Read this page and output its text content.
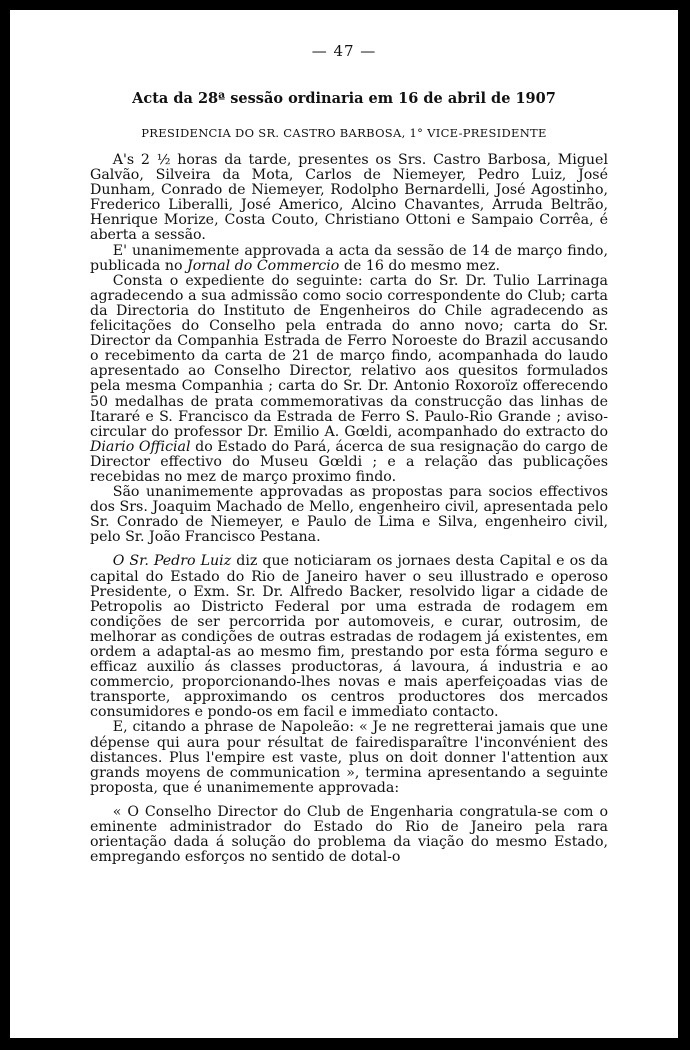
— 47 —
Acta da 28ª sessão ordinaria em 16 de abril de 1907
PRESIDENCIA DO SR. CASTRO BARBOSA, 1° VICE-PRESIDENTE

A's 2 ½ horas da tarde, presentes os Srs. Castro Barbosa, Miguel Galvão, Silveira da Mota, Carlos de Niemeyer, Pedro Luiz, José Dunham, Conrado de Niemeyer, Rodolpho Bernardelli, José Agostinho, Frederico Liberalli, José Americo, Alcino Chavantes, Arruda Beltrão, Henrique Morize, Costa Couto, Christiano Ottoni e Sampaio Corrêa, é aberta a sessão.

E' unanimemente approvada a acta da sessão de 14 de março findo, publicada no Jornal do Commercio de 16 do mesmo mez.

Consta o expediente do seguinte: carta do Sr. Dr. Tulio Larrinaga agradecendo a sua admissão como socio correspondente do Club; carta da Directoria do Instituto de Engenheiros do Chile agradecendo as felicitações do Conselho pela entrada do anno novo; carta do Sr. Director da Companhia Estrada de Ferro Noroeste do Brazil accusando o recebimento da carta de 21 de março findo, acompanhada do laudo apresentado ao Conselho Director, relativo aos quesitos formulados pela mesma Companhia ; carta do Sr. Dr. Antonio Roxoroïz offerecendo 50 medalhas de prata commemorativas da construcção das linhas de Itararé e S. Francisco da Estrada de Ferro S. Paulo-Rio Grande ; aviso-circular do professor Dr. Emilio A. Gœldi, acompanhado do extracto do Diario Official do Estado do Pará, ácerca de sua resignação do cargo de Director effectivo do Museu Gœldi ; e a relação das publicações recebidas no mez de março proximo findo.

São unanimemente approvadas as propostas para socios effectivos dos Srs. Joaquim Machado de Mello, engenheiro civil, apresentada pelo Sr. Conrado de Niemeyer, e Paulo de Lima e Silva, engenheiro civil, pelo Sr. João Francisco Pestana.

O Sr. Pedro Luiz diz que noticiaram os jornaes desta Capital e os da capital do Estado do Rio de Janeiro haver o seu illustrado e operoso Presidente, o Exm. Sr. Dr. Alfredo Backer, resolvido ligar a cidade de Petropolis ao Districto Federal por uma estrada de rodagem em condições de ser percorrida por automoveis, e curar, outrosim, de melhorar as condições de outras estradas de rodagem já existentes, em ordem a adaptal-as ao mesmo fim, prestando por esta fórma seguro e efficaz auxilio ás classes productoras, á lavoura, á industria e ao commercio, proporcionando-lhes novas e mais aperfeiçoadas vias de transporte, approximando os centros productores dos mercados consumidores e pondo-os em facil e immediato contacto.

E, citando a phrase de Napoleão: « Je ne regretterai jamais que une dépense qui aura pour résultat de fairedisparaître l'inconvénient des distances. Plus l'empire est vaste, plus on doit donner l'attention aux grands moyens de communication », termina apresentando a seguinte proposta, que é unanimemente approvada:

« O Conselho Director do Club de Engenharia congratula-se com o eminente administrador do Estado do Rio de Janeiro pela rara orientação dada á solução do problema da viação do mesmo Estado, empregando esforços no sentido de dotal-o
